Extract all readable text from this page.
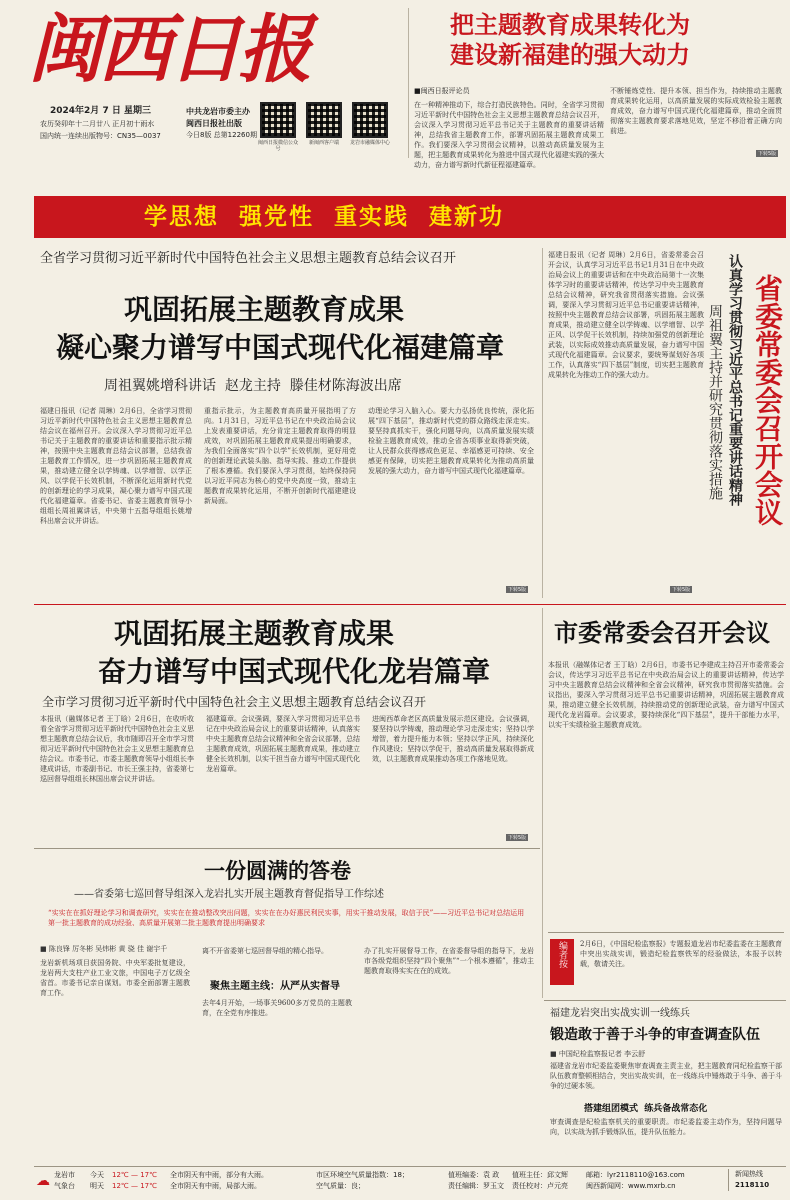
闽西日报
2024年2月 7 日 星期三
农历癸卯年十二月廿八 正月初十雨水
国内统一连续出版物号：CN35—0037
中共龙岩市委主办
闽西日报社出版
今日8版 总第12260期
闽西日报微信公众号
新闽西客户端	龙岩市融媒体中心
把主题教育成果转化为
建设新福建的强大动力
■闽西日报评论员
在一种精神推动下，综合打造民族特色。同时，全省学习贯彻习近平新时代中国特色社会主义思想主题教育总结会议召开，会议深入学习贯彻习近平总书记关于主题教育的重要讲话精神，总结我省主题教育工作，部署巩固拓展主题教育成果工作。我们要深入学习贯彻会议精神，以推动高质量发展为主题，把主题教育成果转化为推进中国式现代化福建实践的强大动力，奋力谱写新时代新征程福建篇章。
不断锤炼党性、提升本领、担当作为，持续推动主题教育成果转化运用，以高质量发展的实际成效检验主题教育成效，奋力谱写中国式现代化福建篇章，推动全面贯彻落实主题教育要求落地见效，坚定不移沿着正确方向前进。
下转5版
学思想  强党性  重实践  建新功
全省学习贯彻习近平新时代中国特色社会主义思想主题教育总结会议召开
巩固拓展主题教育成果
凝心聚力谱写中国式现代化福建篇章
周祖翼姚增科讲话  赵龙主持  滕佳材陈海波出席
福建日报讯（记者 周琳）2月6日，全省学习贯彻习近平新时代中国特色社会主义思想主题教育总结会议在福州召开。会议深入学习贯彻习近平总书记关于主题教育的重要讲话和重要指示批示精神，按照中央主题教育总结会议部署，总结我省主题教育工作情况，进一步巩固拓展主题教育成果，推动建立健全以学铸魂、以学增智、以学正风、以学促干长效机制，不断深化运用新时代党的创新理论的学习成果，凝心聚力谱写中国式现代化福建篇章。省委书记、省委主题教育领导小组组长周祖翼讲话，中央第十五指导组组长姚增科出席会议并讲话。
重指示批示，为主题教育高质量开展指明了方向。1月31日，习近平总书记在中央政治局会议上发表重要讲话，充分肯定主题教育取得的明显成效，对巩固拓展主题教育成果提出明确要求，为我们全面落实“四个以学”长效机制，更好用党的创新理论武装头脑、指导实践、推动工作提供了根本遵循。我们要深入学习贯彻，始终保持同以习近平同志为核心的党中央高度一致，推动主题教育成果转化运用，不断开创新时代福建建设新局面。
动理论学习入脑入心。要大力弘扬优良传统，深化拓展“四下基层”，推动新时代党的群众路线走深走实。要坚持真抓实干，强化问题导向，以高质量发展实绩检验主题教育成效，推动全省各项事业取得新突破，让人民群众获得感成色更足、幸福感更可持续、安全感更有保障，切实把主题教育成果转化为推动高质量发展的强大动力，奋力谱写中国式现代化福建篇章。
下转5版
福建日报讯（记者 周琳）2月6日，省委常委会召开会议，认真学习习近平总书记1月31日在中央政治局会议上的重要讲话和在中央政治局第十一次集体学习时的重要讲话精神，传达学习中央主题教育总结会议精神，研究我省贯彻落实措施。会议强调，要深入学习贯彻习近平总书记重要讲话精神，按照中央主题教育总结会议部署，巩固拓展主题教育成果，推动建立健全以学铸魂、以学增智、以学正风、以学促干长效机制，持续加强党的创新理论武装，以实际成效推动高质量发展，奋力谱写中国式现代化福建篇章。会议要求，要统筹谋划好各项工作，认真落实“四下基层”制度，切实把主题教育成果转化为推动工作的强大动力。	周祖翼主持并研究贯彻落实措施 认真学习贯彻习近平总书记重要讲话精神 省委常委会召开会议
下转5版
巩固拓展主题教育成果
奋力谱写中国式现代化龙岩篇章
全市学习贯彻习近平新时代中国特色社会主义思想主题教育总结会议召开
本报讯（融媒体记者 王丁晗）2月6日，在收听收看全省学习贯彻习近平新时代中国特色社会主义思想主题教育总结会议后，我市随即召开全市学习贯彻习近平新时代中国特色社会主义思想主题教育总结会议。市委书记、市委主题教育领导小组组长李建成讲话，市委副书记、市长王强主持，省委第七巡回督导组组长林国出席会议并讲话。
福建篇章。会议强调，要深入学习贯彻习近平总书记在中央政治局会议上的重要讲话精神，认真落实中央主题教育总结会议精神和全省会议部署，总结主题教育成效，巩固拓展主题教育成果，推动建立健全长效机制，以实干担当奋力谱写中国式现代化龙岩篇章。
进闽西革命老区高质量发展示范区建设。会议强调，要坚持以学铸魂，推动理论学习走深走实；坚持以学增智，着力提升能力本领；坚持以学正风，持续深化作风建设；坚持以学促干，推动高质量发展取得新成效，以主题教育成果推动各项工作落地见效。
下转5版
市委常委会召开会议
本报讯（融媒体记者 王丁晗）2月6日，市委书记李建成主持召开市委常委会会议，传达学习习近平总书记在中央政治局会议上的重要讲话精神，传达学习中央主题教育总结会议精神和全省会议精神，研究我市贯彻落实措施。会议指出，要深入学习贯彻习近平总书记重要讲话精神，巩固拓展主题教育成果，推动建立健全长效机制，持续推动党的创新理论武装，奋力谱写中国式现代化龙岩篇章。会议要求，要持续深化“四下基层”，提升干部能力水平，以实干实绩检验主题教育成效。
编者按	2月6日，《中国纪检监察报》专题报道龙岩市纪委监委在主题教育中突出实战实训，锻造纪检监察铁军的经验做法，本报予以转载，敬请关注。
一份圆满的答卷
——省委第七巡回督导组深入龙岩扎实开展主题教育督促指导工作综述
“实实在在抓好理论学习和调查研究，实实在在推动整改突出问题，实实在在办好惠民利民实事，用实干推动发展，取信于民”——习近平总书记对总结运用第一批主题教育的成功经验、高质量开展第二批主题教育提出明确要求
■ 陈良锋 厉冬彬 吴炜彬 黄 骁 佳 谢宇千
龙岩新机场项目获国务院、中央军委批复建设，龙岩两大支柱产业工业文旅，中国电子万亿级全省首。市委书记亲自谋划。市委全面部署主题教育工作。
离不开省委第七巡回督导组的精心指导。
聚焦主题主线：从严从实督导
去年4月开始，一场事关9600多万党员的主题教育，在全党有序推进。
办了扎实开展督导工作，在省委督导组的指导下，龙岩市各级党组织坚持“四个聚焦”“一个根本遵循”，推动主题教育取得实实在在的成效。
福建龙岩突出实战实训一线练兵
锻造敢于善于斗争的审查调查队伍
■ 中国纪检监察报记者 李云舒
福建省龙岩市纪委监委聚焦审查调查主责主业，把主题教育同纪检监察干部队伍教育整顿相结合，突出实战实训，在一线练兵中锤炼敢于斗争、善于斗争的过硬本领。
搭建组团模式  练兵备战常态化
审查调查是纪检监察机关的重要职责。市纪委监委主动作为，坚持问题导向，以实战为抓手锻炼队伍，提升队伍能力。
☁ 龙岩市
气象台
今天 12℃ — 17℃
明天 12℃ — 17℃
全市阴天有中雨，部分有大雨。
全市阴天有中雨，局部大雨。
市区环境空气质量指数：18；
空气质量：良；
值班编委：袁 政
责任编辑：罗玉文
值班主任：邱文辉
责任校对：卢元亮
邮箱：lyr2118110@163.com
闽西新闻网：www.mxrb.cn
新闻热线
2118110
